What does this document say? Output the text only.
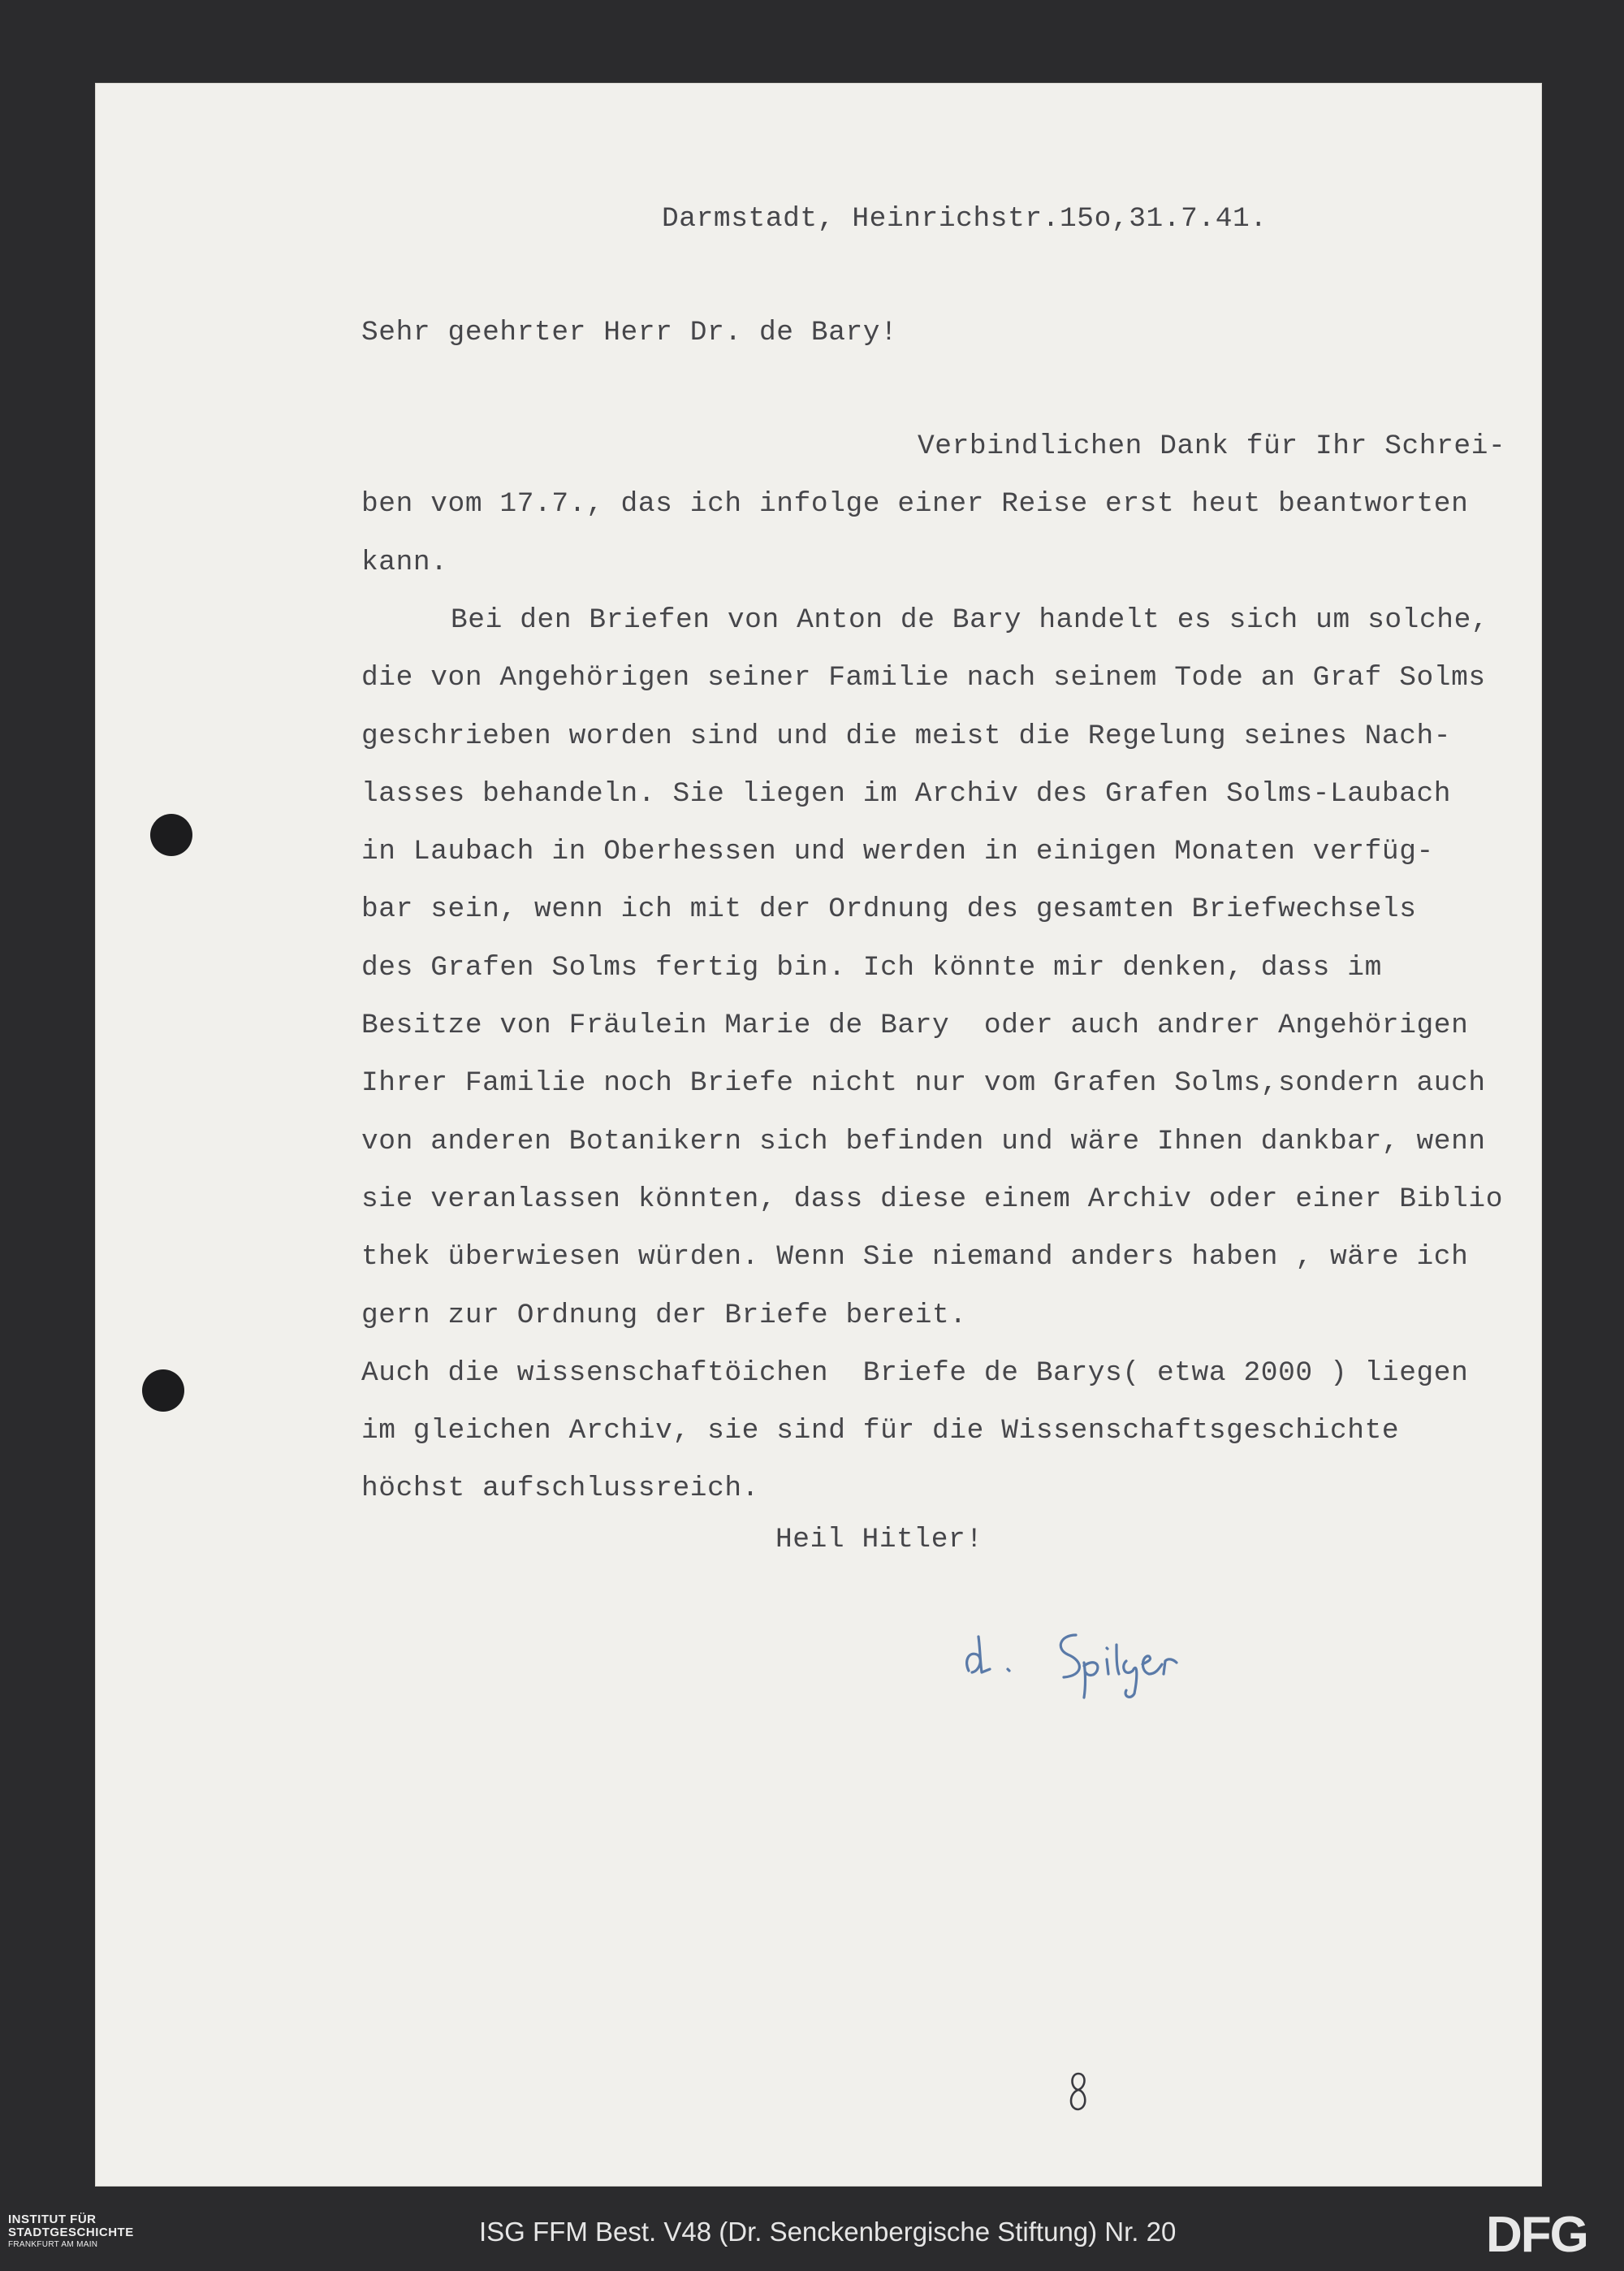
Darmstadt, Heinrichstr.15o,31.7.41.
Sehr geehrter Herr Dr. de Bary!
Verbindlichen Dank für Ihr Schrei-
ben vom 17.7., das ich infolge einer Reise erst heut beantworten
kann.
Bei den Briefen von Anton de Bary handelt es sich um solche,
die von Angehörigen seiner Familie nach seinem Tode an Graf Solms
geschrieben worden sind und die meist die Regelung seines Nach-
lasses behandeln. Sie liegen im Archiv des Grafen Solms-Laubach
in Laubach in Oberhessen und werden in einigen Monaten verfüg-
bar sein, wenn ich mit der Ordnung des gesamten Briefwechsels
des Grafen Solms fertig bin. Ich könnte mir denken, dass im
Besitze von Fräulein Marie de Bary  oder auch andrer Angehörigen
Ihrer Familie noch Briefe nicht nur vom Grafen Solms,sondern auch
von anderen Botanikern sich befinden und wäre Ihnen dankbar, wenn
sie veranlassen könnten, dass diese einem Archiv oder einer Biblio
thek überwiesen würden. Wenn Sie niemand anders haben , wäre ich
gern zur Ordnung der Briefe bereit.
Auch die wissenschaftöichen  Briefe de Barys( etwa 2000 ) liegen
im gleichen Archiv, sie sind für die Wissenschaftsgeschichte
höchst aufschlussreich.
Heil Hitler!
INSTITUT FÜR
STADTGESCHICHTE
FRANKFURT AM MAIN	ISG FFM Best. V48 (Dr. Senckenbergische Stiftung) Nr. 20	DFG
